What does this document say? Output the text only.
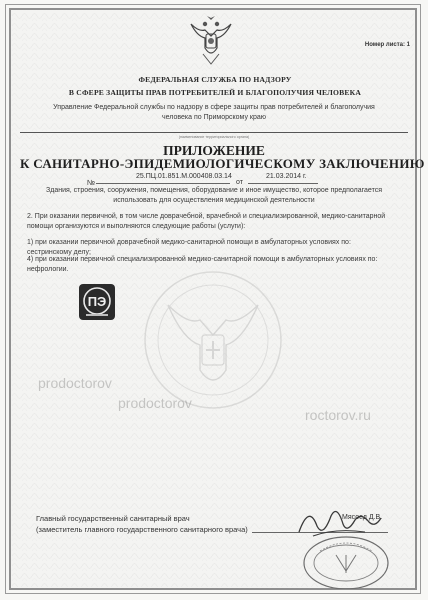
Номер листа: 1
ФЕДЕРАЛЬНАЯ СЛУЖБА ПО НАДЗОРУ
В СФЕРЕ ЗАЩИТЫ ПРАВ ПОТРЕБИТЕЛЕЙ И БЛАГОПОЛУЧИЯ ЧЕЛОВЕКА
Управление Федеральной службы по надзору в сфере защиты прав потребителей и благополучия
человека по Приморскому краю
(наименование территориального органа)
ПРИЛОЖЕНИЕ
К САНИТАРНО-ЭПИДЕМИОЛОГИЧЕСКОМУ ЗАКЛЮЧЕНИЮ
№
25.ПЦ.01.851.М.000408.03.14
от
21.03.2014 г.
Здания, строения, сооружения, помещения, оборудование и иное имущество, которое предполагается
использовать для осуществления медицинской деятельности
2. При оказании первичной, в том числе доврачебной, врачебной и специализированной, медико-санитарной
помощи организуются и выполняются следующие работы (услуги):
1) при оказании первичной доврачебной медико-санитарной помощи в амбулаторных условиях по:
сестринскому делу;
4) при оказании первичной специализированной медико-санитарной помощи в амбулаторных условиях по:
нефрологии.
ПЭ
prodoctorov
prodoctorov
roctorov.ru
Главный государственный санитарный врач
(заместитель главного государственного санитарного врача)
Мясоед Д.В.
